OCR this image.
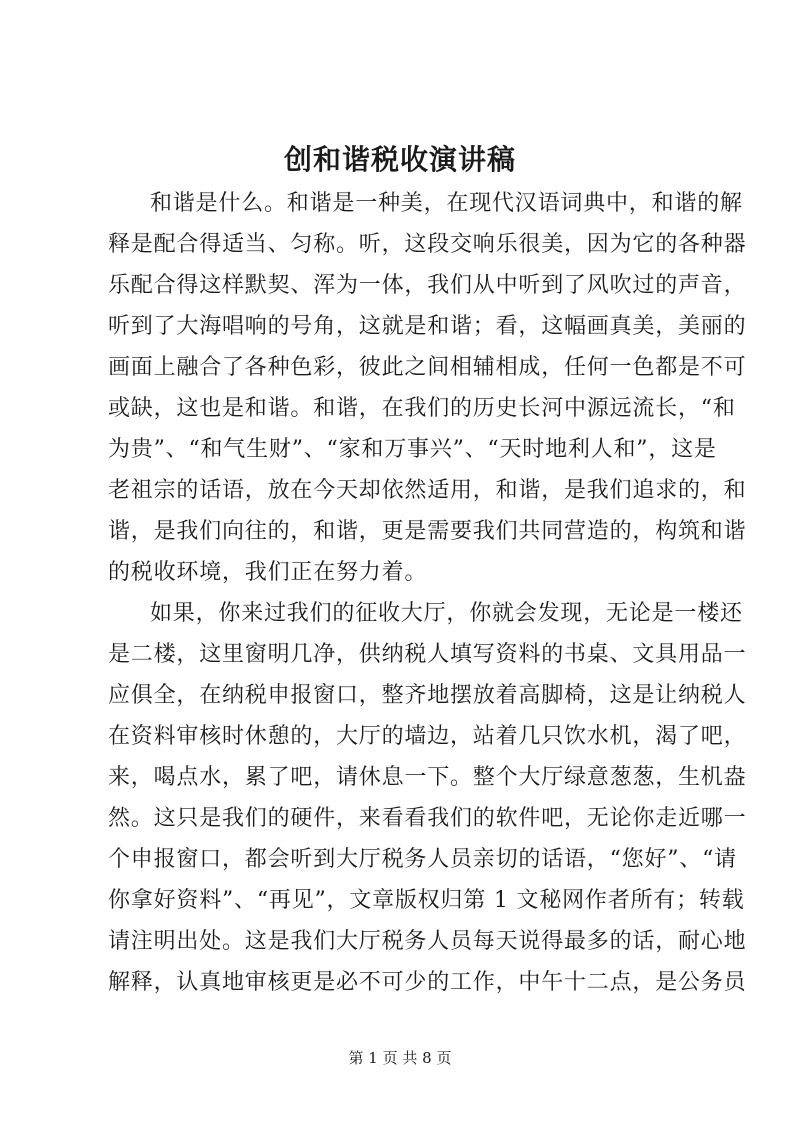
创和谐税收演讲稿
和谐是什么。和谐是一种美，在现代汉语词典中，和谐的解
释是配合得适当、匀称。听，这段交响乐很美，因为它的各种器
乐配合得这样默契、浑为一体，我们从中听到了风吹过的声音，
听到了大海唱响的号角，这就是和谐；看，这幅画真美，美丽的
画面上融合了各种色彩，彼此之间相辅相成，任何一色都是不可
或缺，这也是和谐。和谐，在我们的历史长河中源远流长，“和
为贵”、“和气生财”、“家和万事兴”、“天时地利人和”，这是
老祖宗的话语，放在今天却依然适用，和谐，是我们追求的，和
谐，是我们向往的，和谐，更是需要我们共同营造的，构筑和谐
的税收环境，我们正在努力着。
如果，你来过我们的征收大厅，你就会发现，无论是一楼还
是二楼，这里窗明几净，供纳税人填写资料的书桌、文具用品一
应俱全，在纳税申报窗口，整齐地摆放着高脚椅，这是让纳税人
在资料审核时休憩的，大厅的墙边，站着几只饮水机，渴了吧，
来，喝点水，累了吧，请休息一下。整个大厅绿意葱葱，生机盎
然。这只是我们的硬件，来看看我们的软件吧，无论你走近哪一
个申报窗口，都会听到大厅税务人员亲切的话语，“您好”、“请
你拿好资料”、“再见”，文章版权归第 1 文秘网作者所有；转载
请注明出处。这是我们大厅税务人员每天说得最多的话，耐心地
解释，认真地审核更是必不可少的工作，中午十二点，是公务员
第 1 页 共 8 页
